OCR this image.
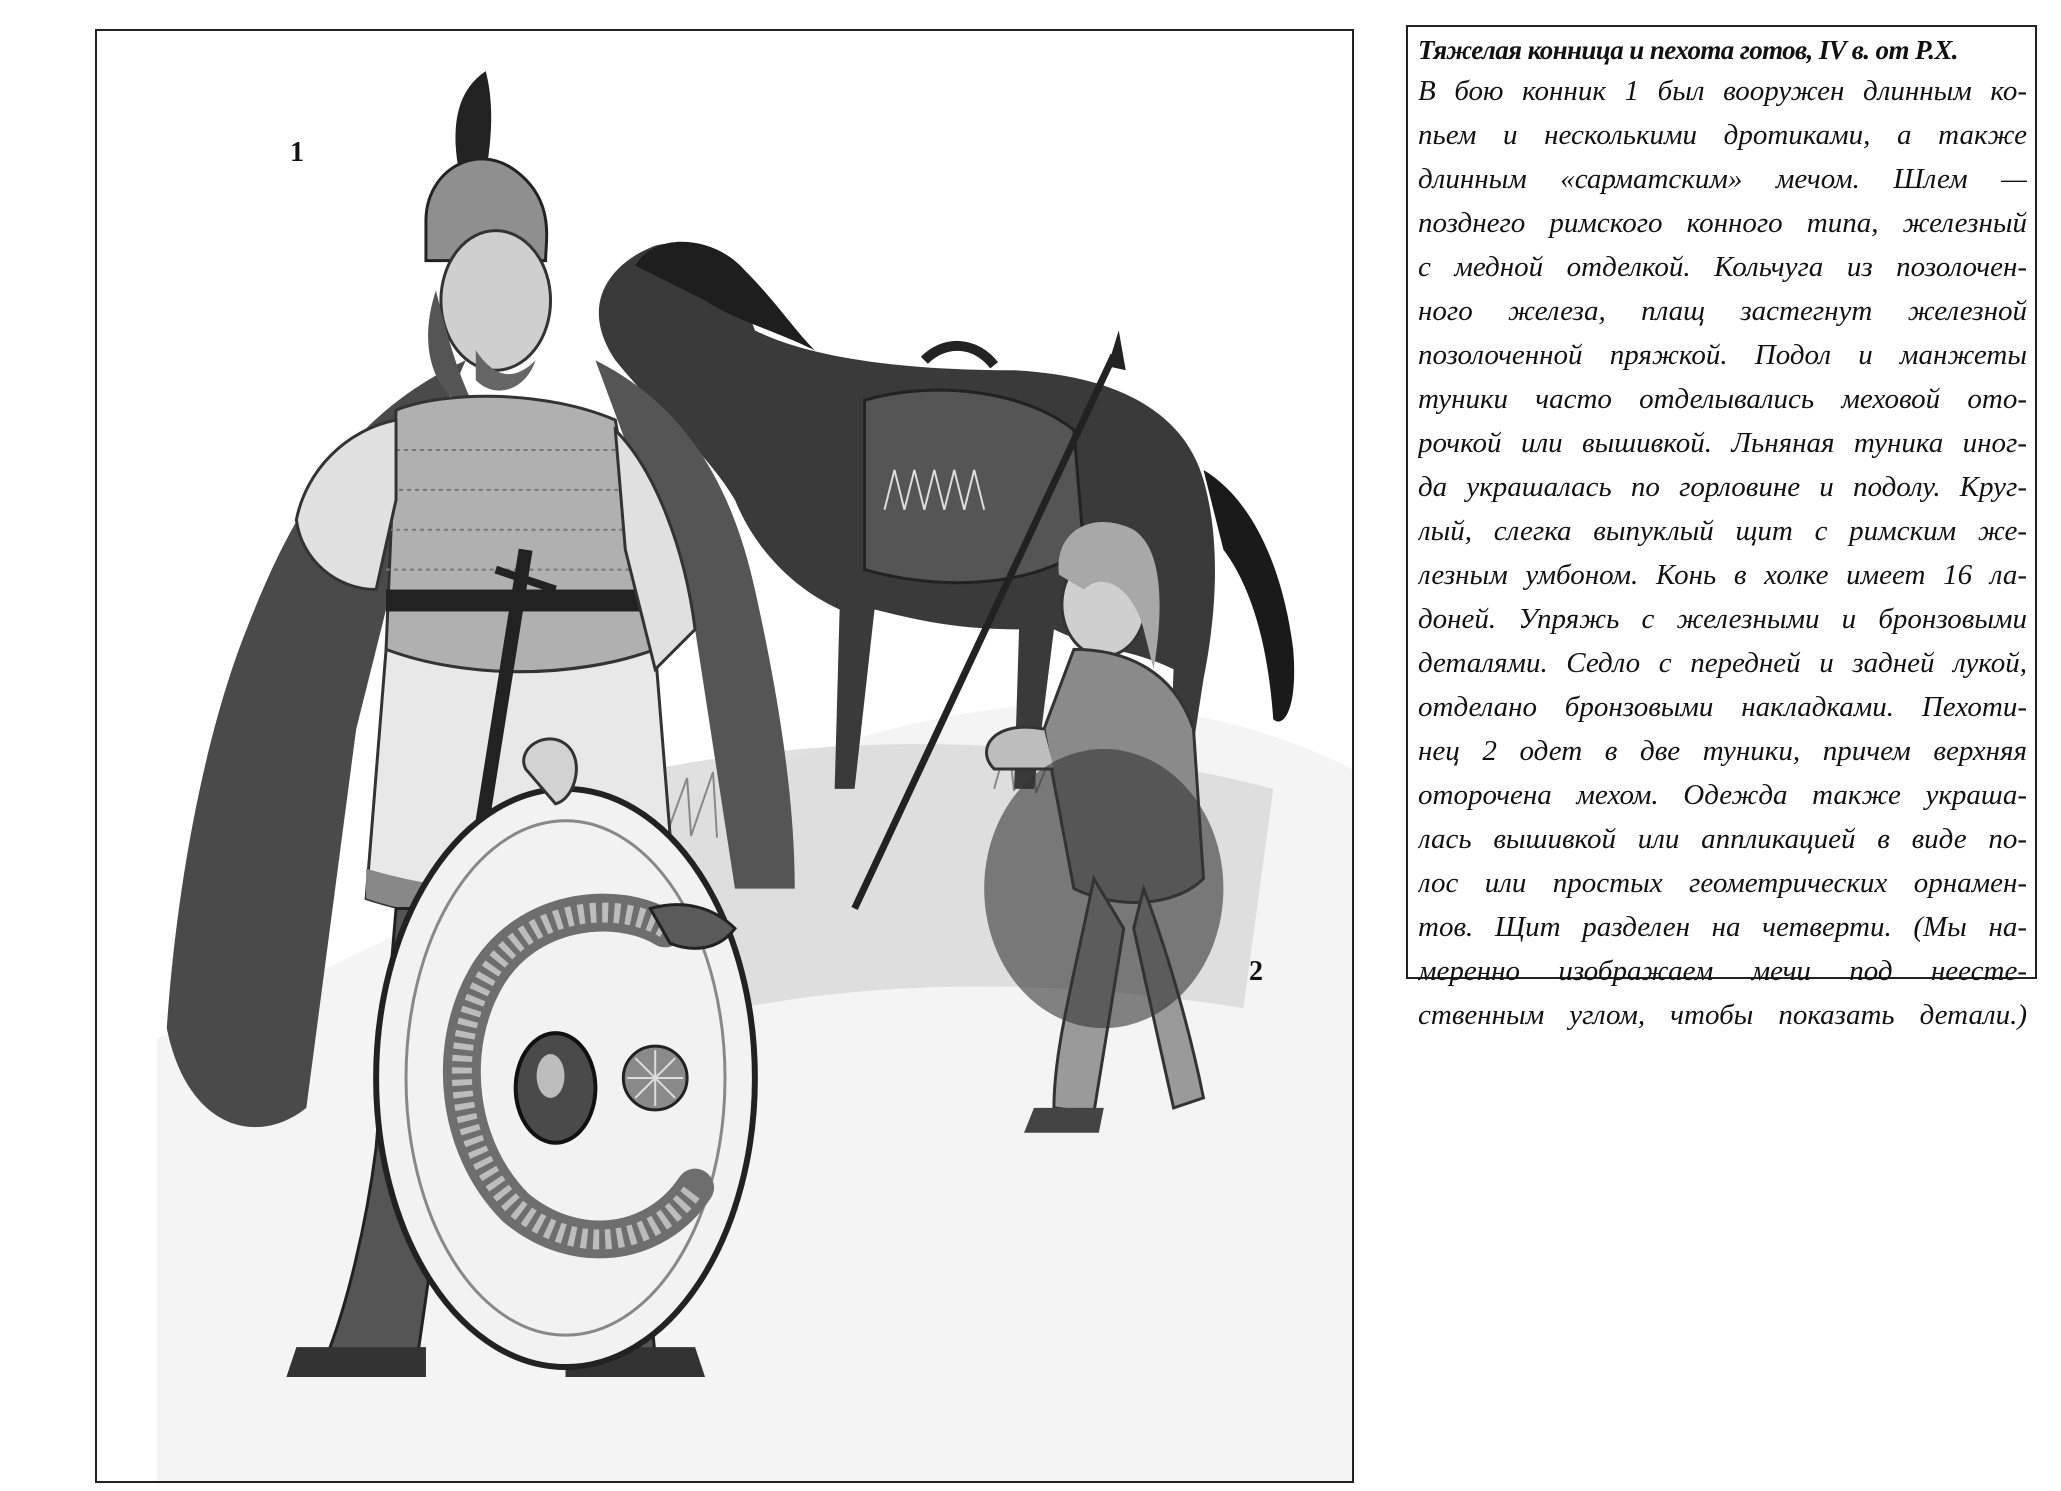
1
2
Тяжелая конница и пехота готов, IV в. от Р.Х.
В бою конник 1 был вооружен длинным ко-
пьем и несколькими дротиками, а также
длинным «сарматским» мечом. Шлем —
позднего римского конного типа, железный
с медной отделкой. Кольчуга из позолочен-
ного железа, плащ застегнут железной
позолоченной пряжкой. Подол и манжеты
туники часто отделывались меховой ото-
рочкой или вышивкой. Льняная туника иног-
да украшалась по горловине и подолу. Круг-
лый, слегка выпуклый щит с римским же-
лезным умбоном. Конь в холке имеет 16 ла-
доней. Упряжь с железными и бронзовыми
деталями. Седло с передней и задней лукой,
отделано бронзовыми накладками. Пехоти-
нец 2 одет в две туники, причем верхняя
оторочена мехом. Одежда также украша-
лась вышивкой или аппликацией в виде по-
лос или простых геометрических орнамен-
тов. Щит разделен на четверти. (Мы на-
меренно изображаем мечи под неесте-
ственным углом, чтобы показать детали.)
